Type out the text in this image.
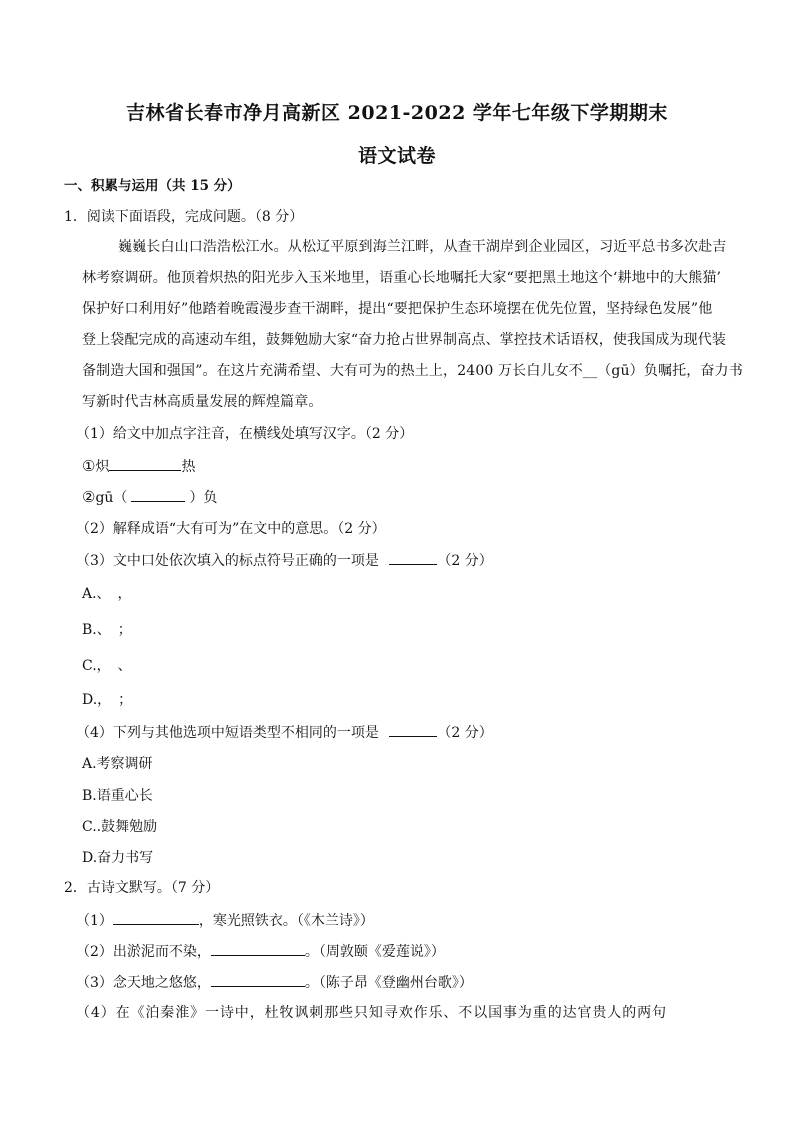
吉林省长春市净月高新区 2021-2022 学年七年级下学期期末
语文试卷
一、积累与运用（共 15 分）
1．阅读下面语段，完成问题。（8 分）
巍巍长白山口浩浩松江水。从松辽平原到海兰江畔，从查干湖岸到企业园区，习近平总书多次赴吉
林考察调研。他顶着炽热的阳光步入玉米地里，语重心长地嘱托大家“要把黑土地这个‘耕地中的大熊猫’
保护好口利用好”他踏着晚霞漫步查干湖畔，提出“要把保护生态环境摆在优先位置，坚持绿色发展”他
登上袋配完成的高速动车组，鼓舞勉励大家“奋力抢占世界制高点、掌控技术话语权，使我国成为现代装
备制造大国和强国”。在这片充满希望、大有可为的热土上，2400 万长白儿女不__（gū）负嘱托，奋力书
写新时代吉林高质量发展的辉煌篇章。
（1）给文中加点字注音，在横线处填写汉字。（2 分）
①炽	热
②gū（	）负
（2）解释成语“大有可为”在文中的意思。（2 分）
（3）文中口处依次填入的标点符号正确的一项是	（2 分）
A.、　，
B.、　；
C.，　、
D.，　；
（4）下列与其他选项中短语类型不相同的一项是	（2 分）
A.考察调研
B.语重心长
C..鼓舞勉励
D.奋力书写
2．古诗文默写。（7 分）
（1）	，寒光照铁衣。（《木兰诗》）
（2）出淤泥而不染，	。（周敦颐《爱莲说》）
（3）念天地之悠悠，	。（陈子昂《登幽州台歌》）
（4）在《泊秦淮》一诗中，杜牧讽刺那些只知寻欢作乐、不以国事为重的达官贵人的两句
